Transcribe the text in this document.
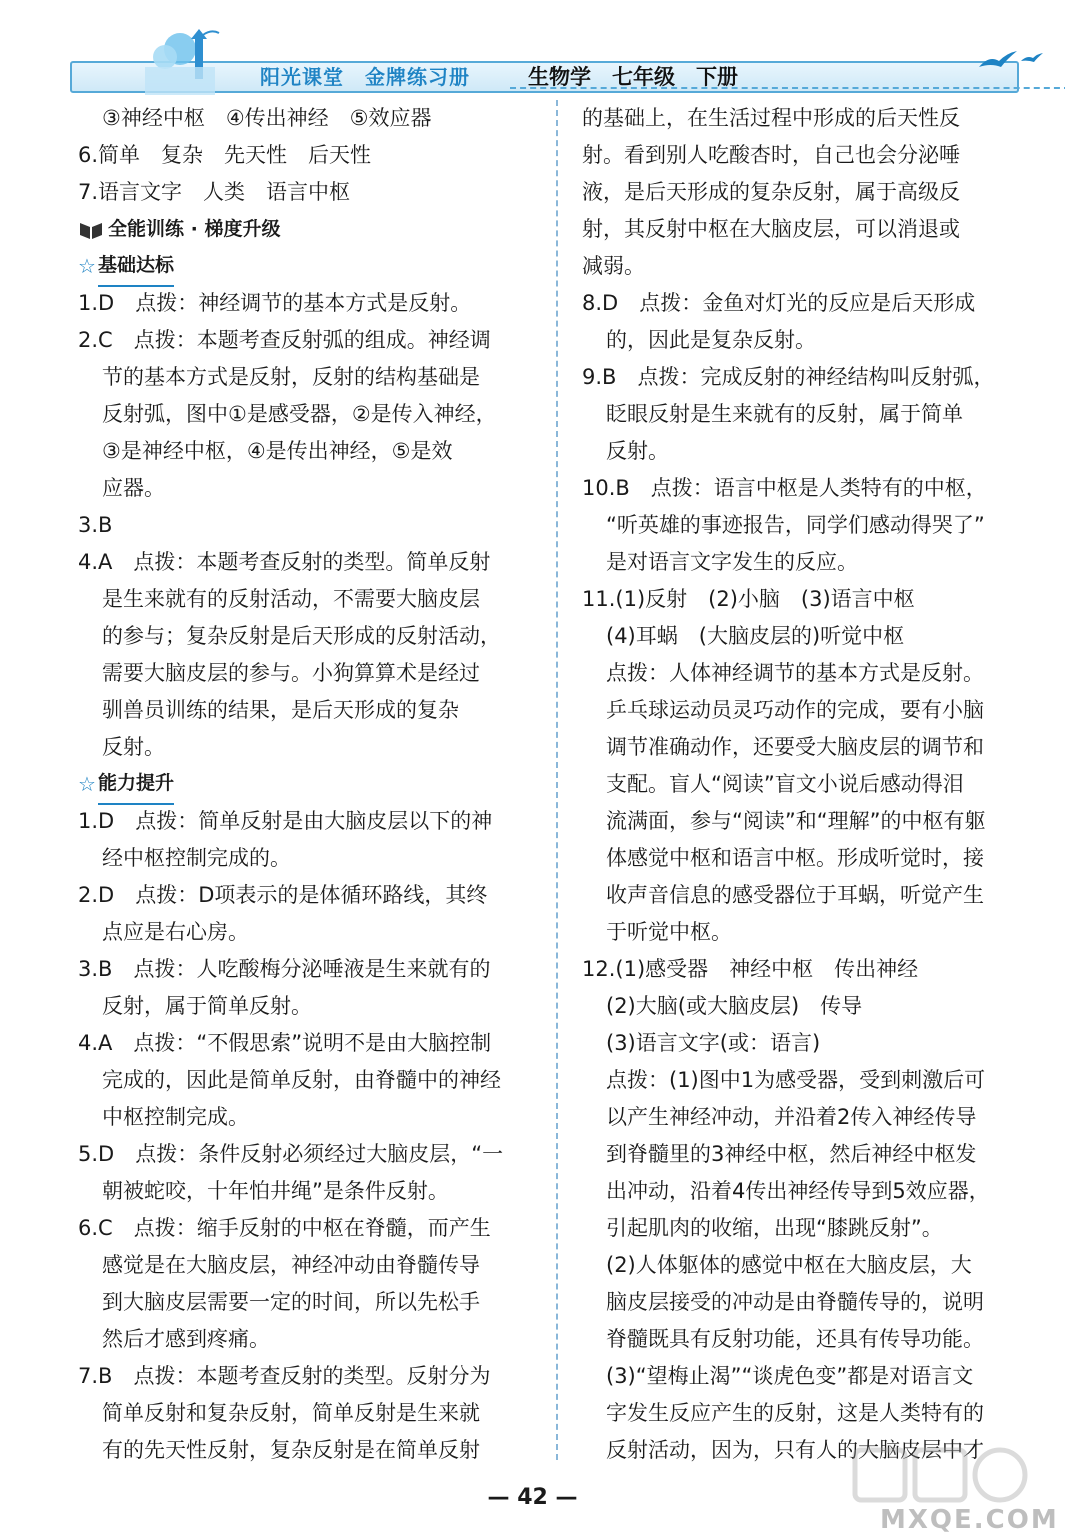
阳光课堂　金牌练习册	生物学　七年级　下册
③神经中枢　④传出神经　⑤效应器
6.简单　复杂　先天性　后天性
7.语言文字　人类　语言中枢
全能训练 · 梯度升级
☆ 基础达标
1.D　点拨：神经调节的基本方式是反射。
2.C　点拨：本题考查反射弧的组成。神经调
节的基本方式是反射，反射的结构基础是
反射弧，图中①是感受器，②是传入神经，
③是神经中枢，④是传出神经，⑤是效
应器。
3.B
4.A　点拨：本题考查反射的类型。简单反射
是生来就有的反射活动，不需要大脑皮层
的参与；复杂反射是后天形成的反射活动，
需要大脑皮层的参与。小狗算算术是经过
驯兽员训练的结果，是后天形成的复杂
反射。
☆ 能力提升
1.D　点拨：简单反射是由大脑皮层以下的神
经中枢控制完成的。
2.D　点拨：D项表示的是体循环路线，其终
点应是右心房。
3.B　点拨：人吃酸梅分泌唾液是生来就有的
反射，属于简单反射。
4.A　点拨：“不假思索”说明不是由大脑控制
完成的，因此是简单反射，由脊髓中的神经
中枢控制完成。
5.D　点拨：条件反射必须经过大脑皮层，“一
朝被蛇咬，十年怕井绳”是条件反射。
6.C　点拨：缩手反射的中枢在脊髓，而产生
感觉是在大脑皮层，神经冲动由脊髓传导
到大脑皮层需要一定的时间，所以先松手
然后才感到疼痛。
7.B　点拨：本题考查反射的类型。反射分为
简单反射和复杂反射，简单反射是生来就
有的先天性反射，复杂反射是在简单反射
的基础上，在生活过程中形成的后天性反
射。看到别人吃酸杏时，自己也会分泌唾
液，是后天形成的复杂反射，属于高级反
射，其反射中枢在大脑皮层，可以消退或
减弱。
8.D　点拨：金鱼对灯光的反应是后天形成
的，因此是复杂反射。
9.B　点拨：完成反射的神经结构叫反射弧，
眨眼反射是生来就有的反射，属于简单
反射。
10.B　点拨：语言中枢是人类特有的中枢，
“听英雄的事迹报告，同学们感动得哭了”
是对语言文字发生的反应。
11.(1)反射　(2)小脑　(3)语言中枢
(4)耳蜗　(大脑皮层的)听觉中枢
点拨：人体神经调节的基本方式是反射。
乒乓球运动员灵巧动作的完成，要有小脑
调节准确动作，还要受大脑皮层的调节和
支配。盲人“阅读”盲文小说后感动得泪
流满面，参与“阅读”和“理解”的中枢有躯
体感觉中枢和语言中枢。形成听觉时，接
收声音信息的感受器位于耳蜗，听觉产生
于听觉中枢。
12.(1)感受器　神经中枢　传出神经
(2)大脑(或大脑皮层)　传导
(3)语言文字(或：语言)
点拨：(1)图中1为感受器，受到刺激后可
以产生神经冲动，并沿着2传入神经传导
到脊髓里的3神经中枢，然后神经中枢发
出冲动，沿着4传出神经传导到5效应器，
引起肌肉的收缩，出现“膝跳反射”。
(2)人体躯体的感觉中枢在大脑皮层，大
脑皮层接受的冲动是由脊髓传导的，说明
脊髓既具有反射功能，还具有传导功能。
(3)“望梅止渴”“谈虎色变”都是对语言文
字发生反应产生的反射，这是人类特有的
反射活动，因为，只有人的大脑皮层中才
— 42 —
MXQE.COM
